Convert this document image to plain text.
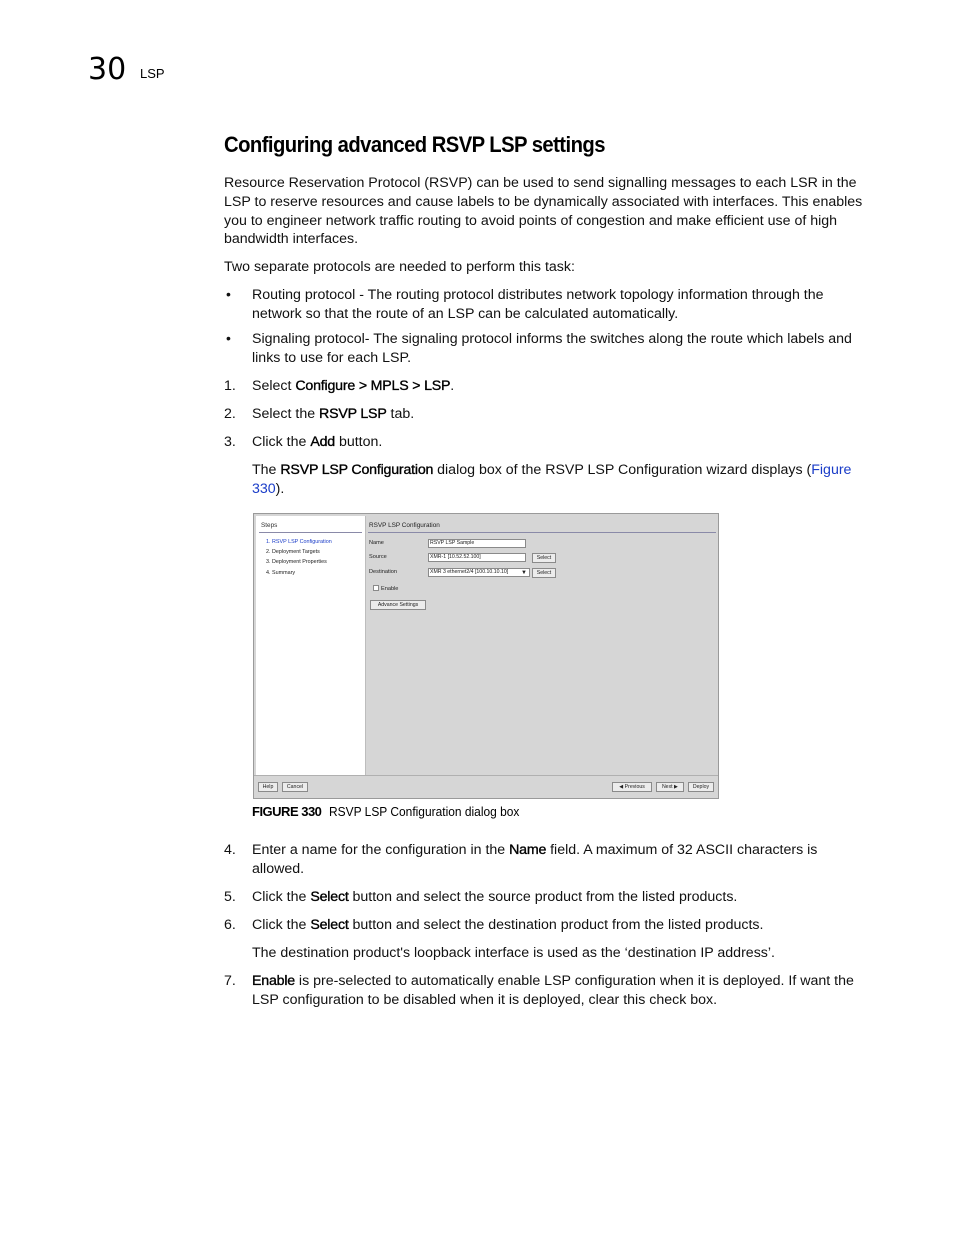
30 LSP
Configuring advanced RSVP LSP settings

Resource Reservation Protocol (RSVP) can be used to send signalling messages to each LSR in the LSP to reserve resources and cause labels to be dynamically associated with interfaces. This enables you to engineer network traffic routing to avoid points of congestion and make efficient use of high bandwidth interfaces.

Two separate protocols are needed to perform this task:

• Routing protocol - The routing protocol distributes network topology information through the network so that the route of an LSP can be calculated automatically.

• Signaling protocol- The signaling protocol informs the switches along the route which labels and links to use for each LSP.

1. Select Configure > MPLS > LSP.

2. Select the RSVP LSP tab.

3. Click the Add button.

The RSVP LSP Configuration dialog box of the RSVP LSP Configuration wizard displays (Figure 330).

Steps
1. RSVP LSP Configuration
2. Deployment Targets
3. Deployment Properties
4. Summary
RSVP LSP Configuration
Name	RSVP LSP Sample
Source	XMR-1 [10.52.52.100]	Select
Destination	XMR 3 ethernet2/4 [100.10.10.10] ▼	Select
Enable
Advance Settings
Help	Cancel	◀ Previous	Next ▶	Deploy
FIGURE 330 RSVP LSP Configuration dialog box
4. Enter a name for the configuration in the Name field. A maximum of 32 ASCII characters is allowed.

5. Click the Select button and select the source product from the listed products.

6. Click the Select button and select the destination product from the listed products.

The destination product's loopback interface is used as the ‘destination IP address’.

7. Enable is pre-selected to automatically enable LSP configuration when it is deployed. If want the LSP configuration to be disabled when it is deployed, clear this check box.
